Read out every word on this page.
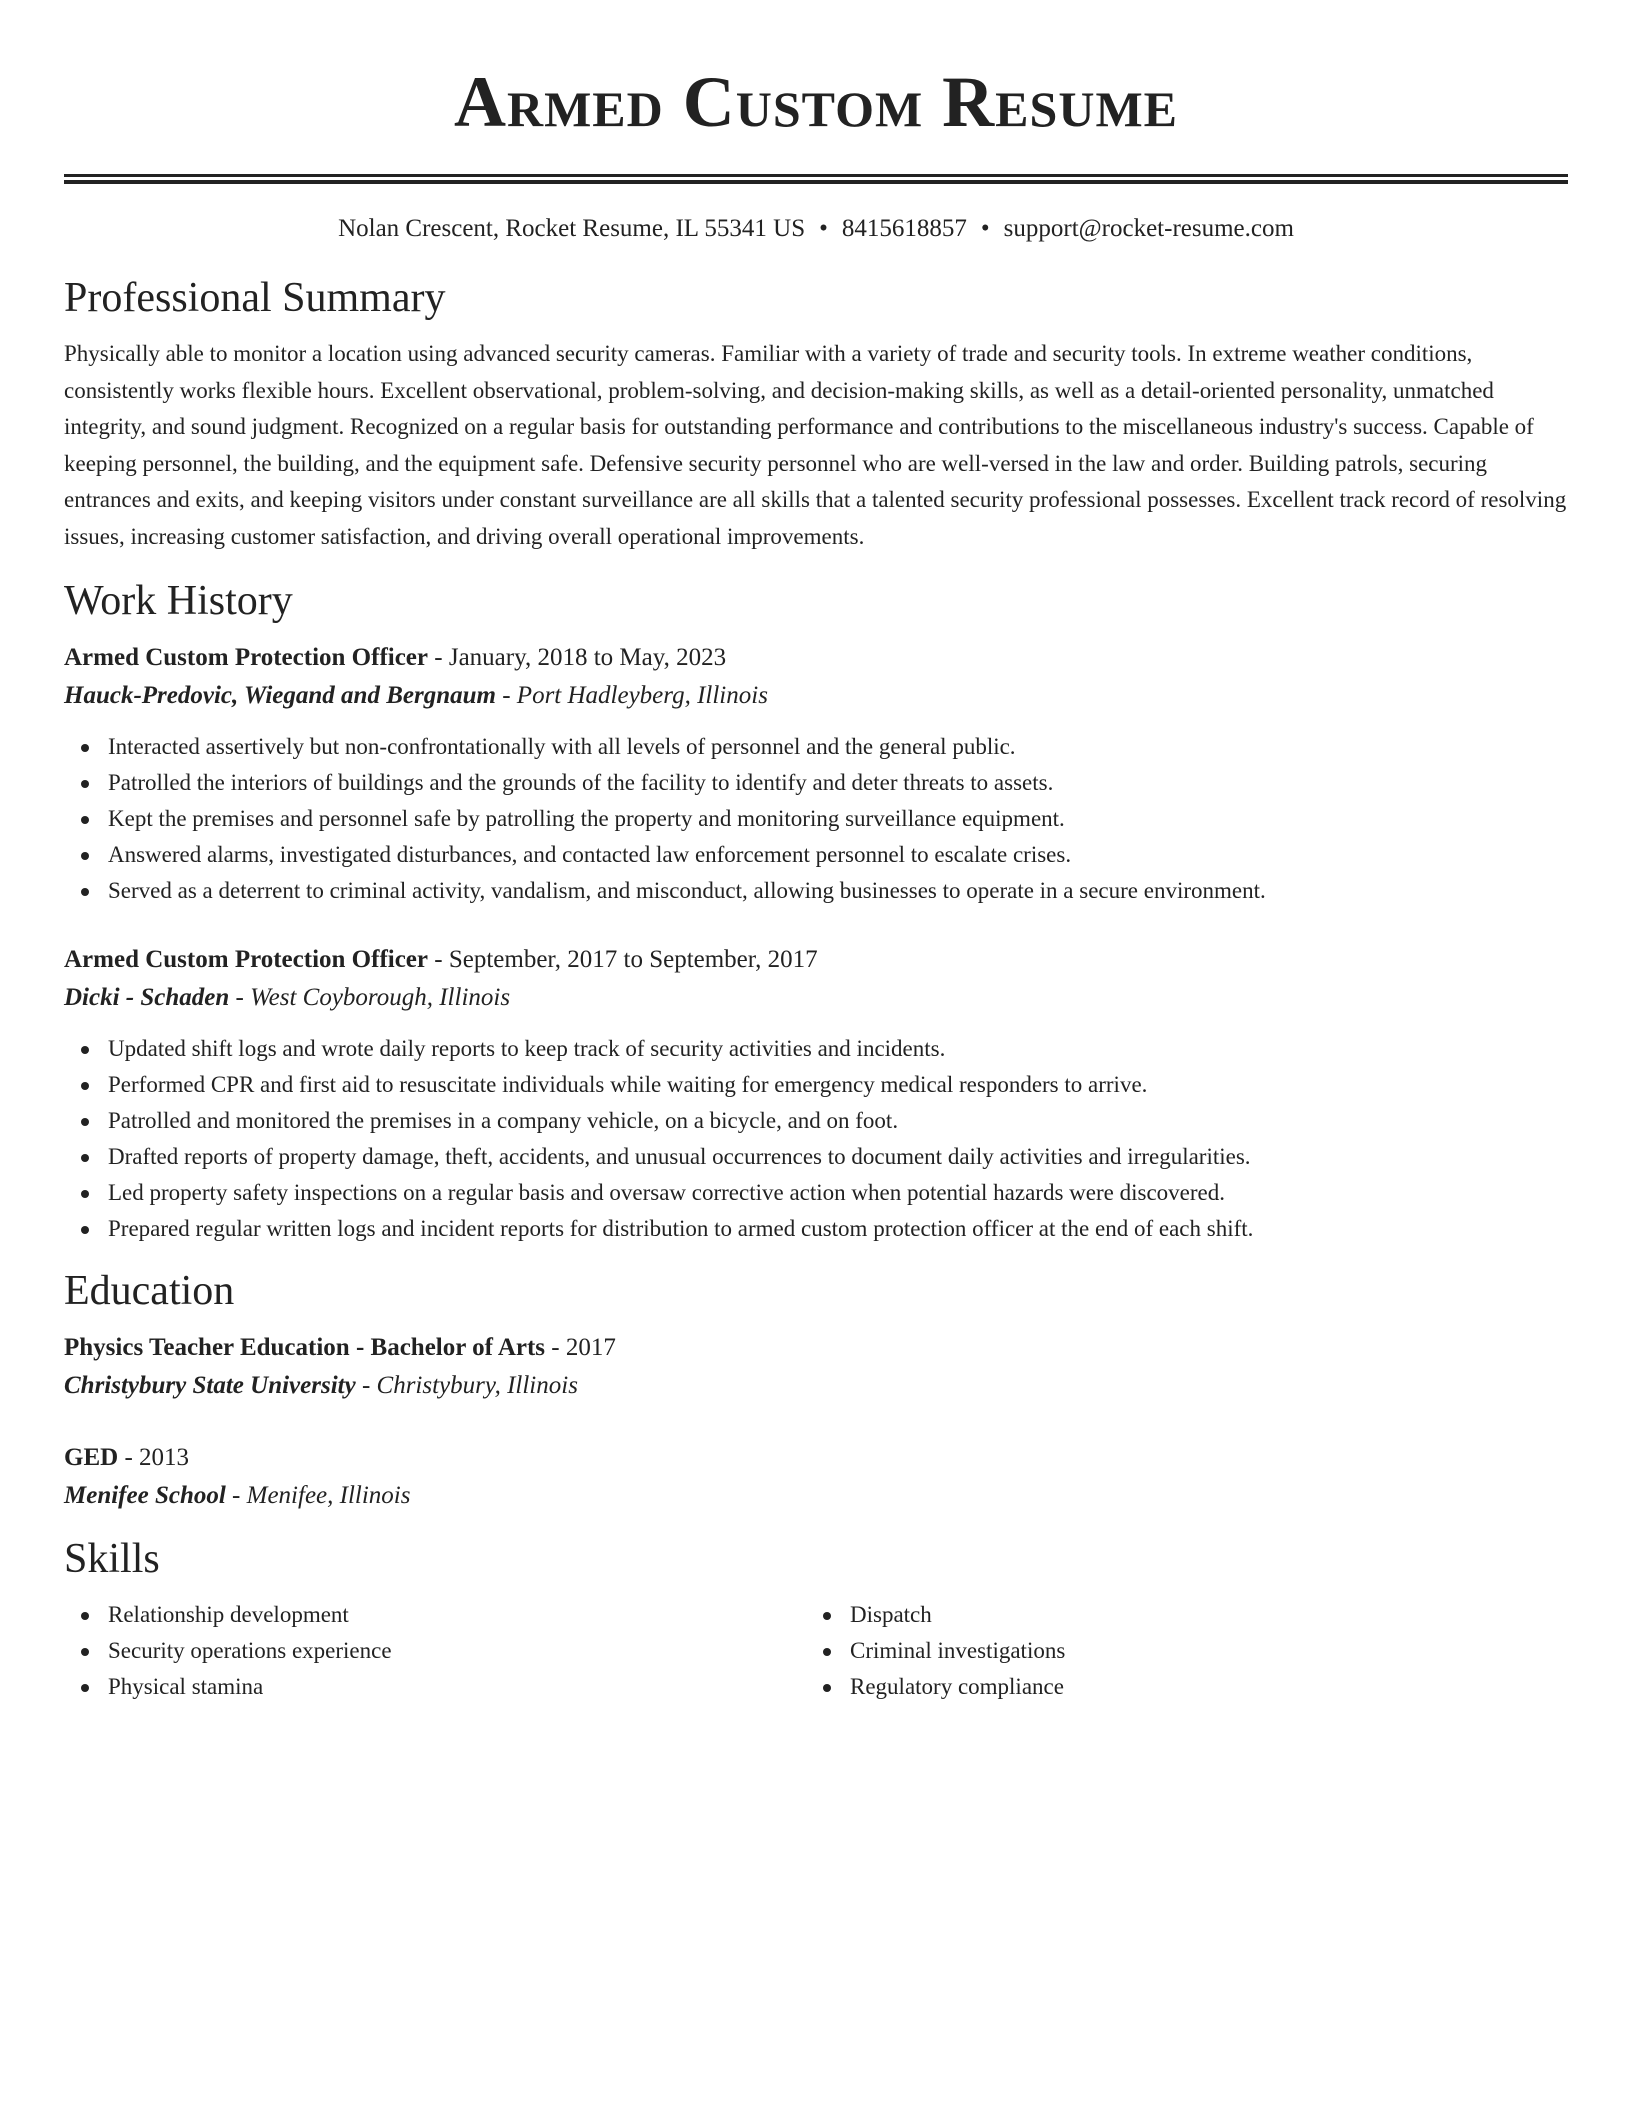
Armed Custom Resume
Nolan Crescent, Rocket Resume, IL 55341 US • 8415618857 • support@rocket-resume.com
Professional Summary

Physically able to monitor a location using advanced security cameras. Familiar with a variety of trade and security tools. In extreme weather conditions, consistently works flexible hours. Excellent observational, problem-solving, and decision-making skills, as well as a detail-oriented personality, unmatched integrity, and sound judgment. Recognized on a regular basis for outstanding performance and contributions to the miscellaneous industry's success. Capable of keeping personnel, the building, and the equipment safe. Defensive security personnel who are well-versed in the law and order. Building patrols, securing entrances and exits, and keeping visitors under constant surveillance are all skills that a talented security professional possesses. Excellent track record of resolving issues, increasing customer satisfaction, and driving overall operational improvements.

Work History
Armed Custom Protection Officer - January, 2018 to May, 2023
Hauck-Predovic, Wiegand and Bergnaum - Port Hadleyberg, Illinois
Interacted assertively but non-confrontationally with all levels of personnel and the general public.
Patrolled the interiors of buildings and the grounds of the facility to identify and deter threats to assets.
Kept the premises and personnel safe by patrolling the property and monitoring surveillance equipment.
Answered alarms, investigated disturbances, and contacted law enforcement personnel to escalate crises.
Served as a deterrent to criminal activity, vandalism, and misconduct, allowing businesses to operate in a secure environment.
Armed Custom Protection Officer - September, 2017 to September, 2017
Dicki - Schaden - West Coyborough, Illinois
Updated shift logs and wrote daily reports to keep track of security activities and incidents.
Performed CPR and first aid to resuscitate individuals while waiting for emergency medical responders to arrive.
Patrolled and monitored the premises in a company vehicle, on a bicycle, and on foot.
Drafted reports of property damage, theft, accidents, and unusual occurrences to document daily activities and irregularities.
Led property safety inspections on a regular basis and oversaw corrective action when potential hazards were discovered.
Prepared regular written logs and incident reports for distribution to armed custom protection officer at the end of each shift.
Education
Physics Teacher Education - Bachelor of Arts - 2017
Christybury State University - Christybury, Illinois
GED - 2013
Menifee School - Menifee, Illinois
Skills
Relationship development
Security operations experience
Physical stamina
Dispatch
Criminal investigations
Regulatory compliance
